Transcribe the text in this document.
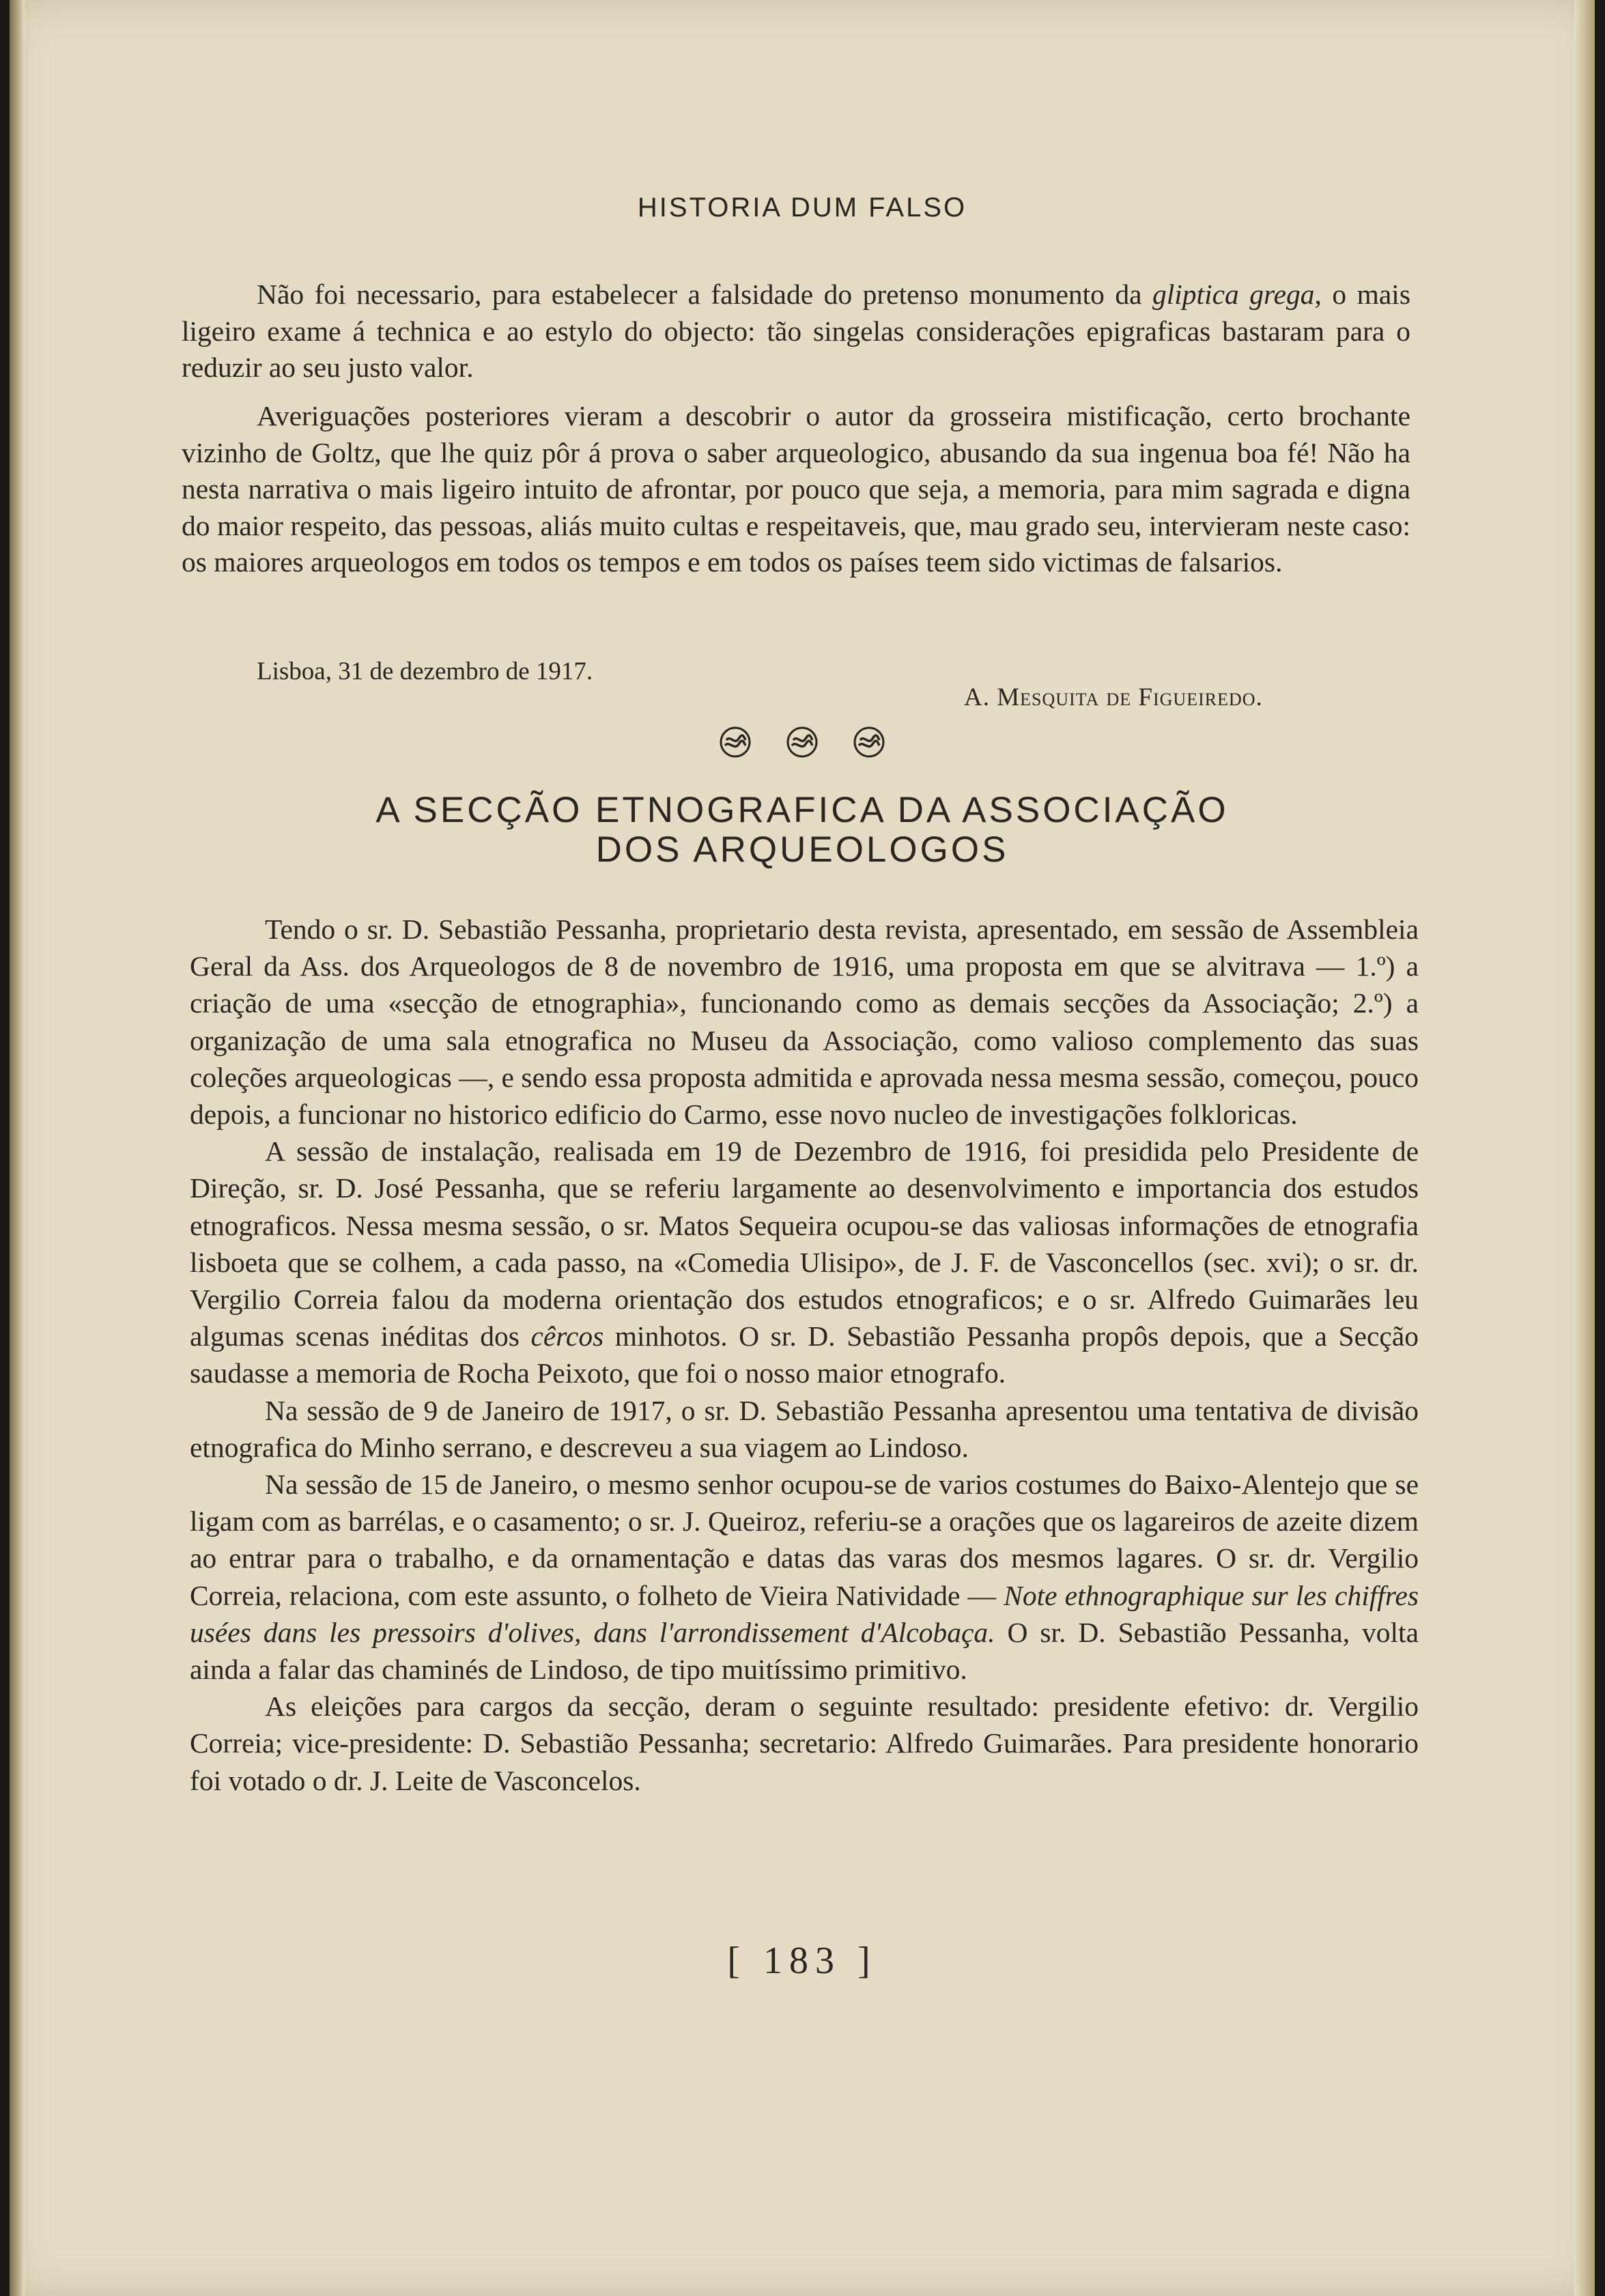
HISTORIA DUM FALSO

Não foi necessario, para estabelecer a falsidade do pretenso monumento da gliptica grega, o mais ligeiro exame á technica e ao estylo do objecto: tão singelas considerações epigraficas bastaram para o reduzir ao seu justo valor.

Averiguações posteriores vieram a descobrir o autor da grosseira mistificação, certo brochante vizinho de Goltz, que lhe quiz pôr á prova o saber arqueologico, abusando da sua ingenua boa fé! Não ha nesta narrativa o mais ligeiro intuito de afrontar, por pouco que seja, a memoria, para mim sagrada e digna do maior respeito, das pessoas, aliás muito cultas e respeitaveis, que, mau grado seu, intervieram neste caso: os maiores arqueologos em todos os tempos e em todos os países teem sido victimas de falsarios.

Lisboa, 31 de dezembro de 1917.
A. Mesquita de Figueiredo.

A SECÇÃO ETNOGRAFICA DA ASSOCIAÇÃO
DOS ARQUEOLOGOS

Tendo o sr. D. Sebastião Pessanha, proprietario desta revista, apresentado, em sessão de Assembleia Geral da Ass. dos Arqueologos de 8 de novembro de 1916, uma proposta em que se alvitrava — 1.º) a criação de uma «secção de etnographia», funcionando como as demais secções da Associação; 2.º) a organização de uma sala etnografica no Museu da Associação, como valioso complemento das suas coleções arqueologicas —, e sendo essa proposta admitida e aprovada nessa mesma sessão, começou, pouco depois, a funcionar no historico edificio do Carmo, esse novo nucleo de investigações folkloricas.

A sessão de instalação, realisada em 19 de Dezembro de 1916, foi presidida pelo Presidente de Direção, sr. D. José Pessanha, que se referiu largamente ao desenvolvimento e importancia dos estudos etnograficos. Nessa mesma sessão, o sr. Matos Sequeira ocupou-se das valiosas informações de etnografia lisboeta que se colhem, a cada passo, na «Comedia Ulisipo», de J. F. de Vasconcellos (sec. xvi); o sr. dr. Vergilio Correia falou da moderna orientação dos estudos etnograficos; e o sr. Alfredo Guimarães leu algumas scenas inéditas dos cêrcos minhotos. O sr. D. Sebastião Pessanha propôs depois, que a Secção saudasse a memoria de Rocha Peixoto, que foi o nosso maior etnografo.

Na sessão de 9 de Janeiro de 1917, o sr. D. Sebastião Pessanha apresentou uma tentativa de divisão etnografica do Minho serrano, e descreveu a sua viagem ao Lindoso.

Na sessão de 15 de Janeiro, o mesmo senhor ocupou-se de varios costumes do Baixo-Alentejo que se ligam com as barrélas, e o casamento; o sr. J. Queiroz, referiu-se a orações que os lagareiros de azeite dizem ao entrar para o trabalho, e da ornamentação e datas das varas dos mesmos lagares. O sr. dr. Vergilio Correia, relaciona, com este assunto, o folheto de Vieira Natividade — Note ethnographique sur les chiffres usées dans les pressoirs d'olives, dans l'arrondissement d'Alcobaça. O sr. D. Sebastião Pessanha, volta ainda a falar das chaminés de Lindoso, de tipo muitíssimo primitivo.

As eleições para cargos da secção, deram o seguinte resultado: presidente efetivo: dr. Vergilio Correia; vice-presidente: D. Sebastião Pessanha; secretario: Alfredo Guimarães. Para presidente honorario foi votado o dr. J. Leite de Vasconcelos.

[ 183 ]
